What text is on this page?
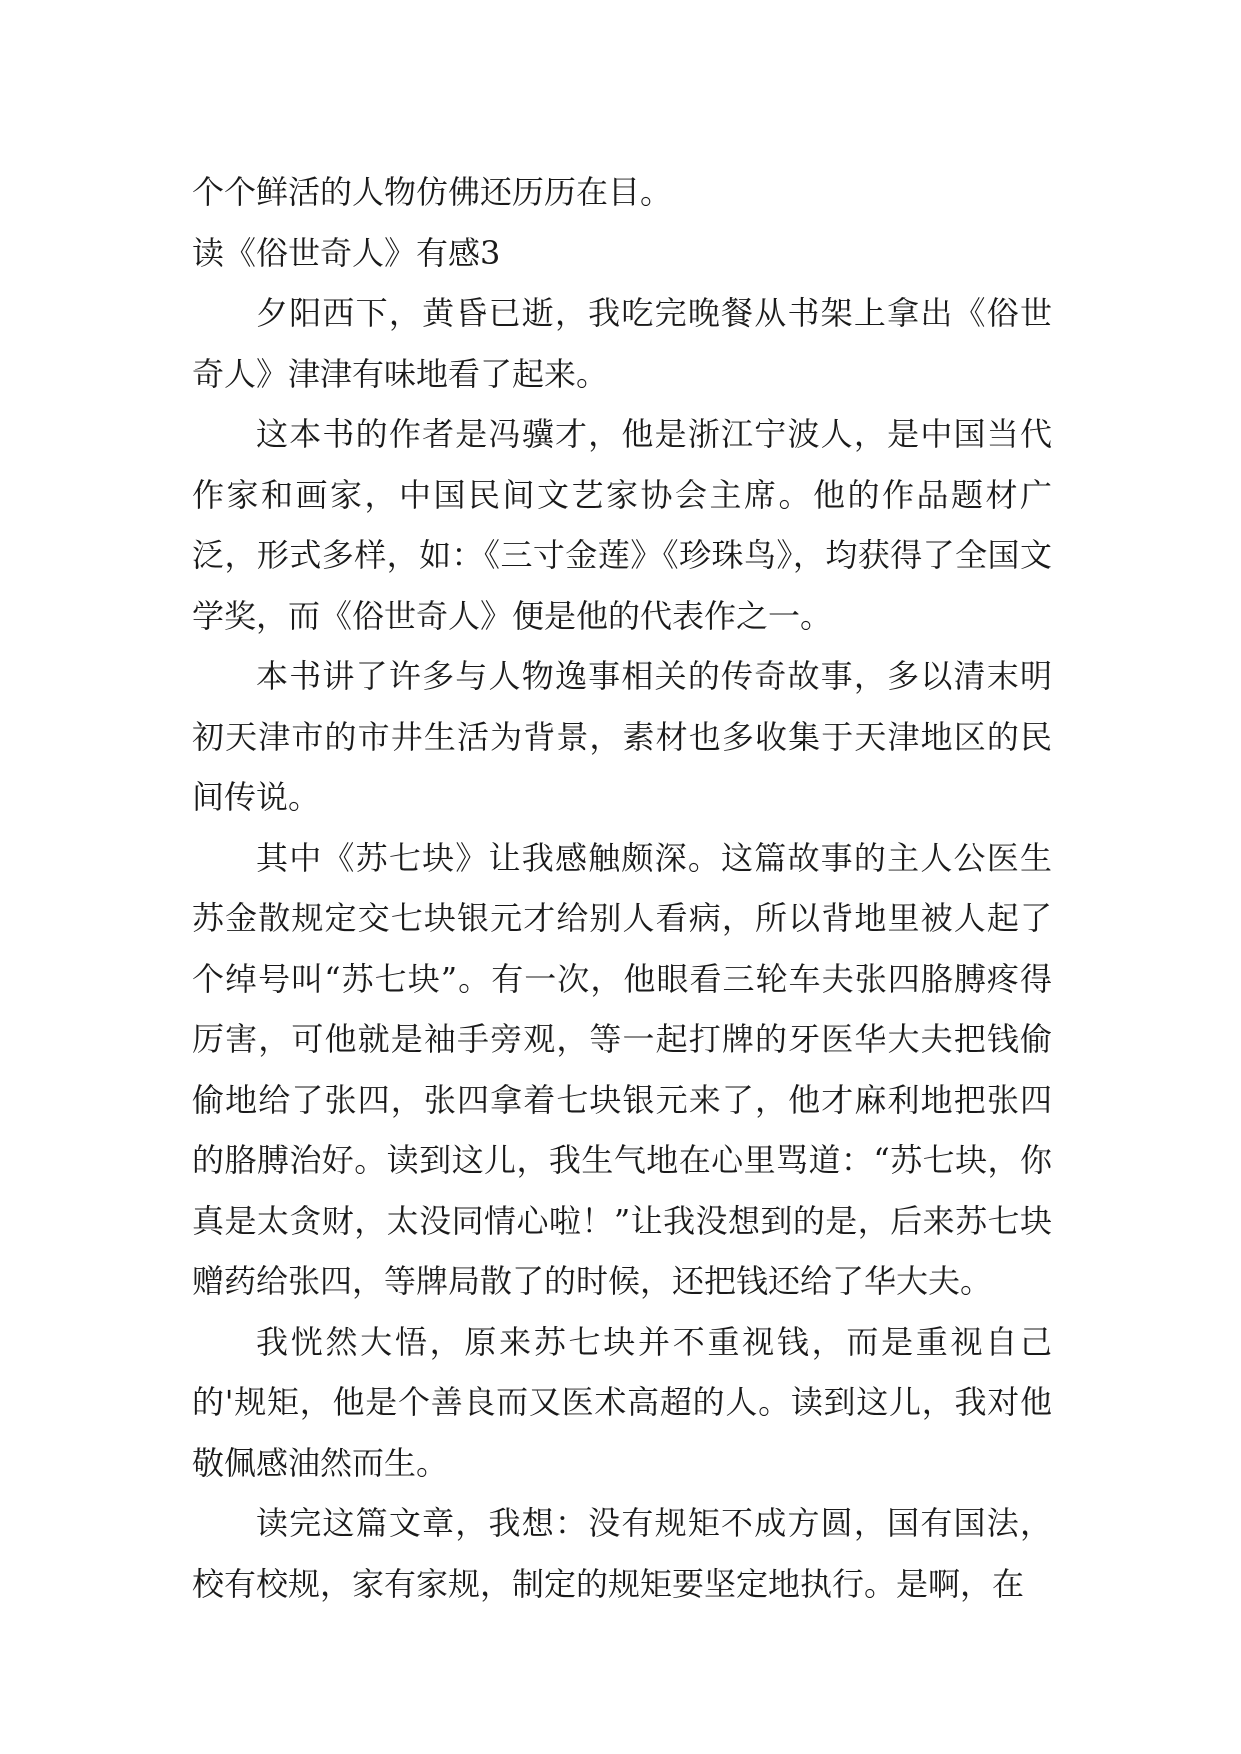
个个鲜活的人物仿佛还历历在目。

读《俗世奇人》有感3

夕阳西下，黄昏已逝，我吃完晚餐从书架上拿出《俗世奇人》津津有味地看了起来。

这本书的作者是冯骥才，他是浙江宁波人，是中国当代作家和画家，中国民间文艺家协会主席。他的作品题材广泛，形式多样，如：《三寸金莲》《珍珠鸟》，均获得了全国文学奖，而《俗世奇人》便是他的代表作之一。

本书讲了许多与人物逸事相关的传奇故事，多以清末明初天津市的市井生活为背景，素材也多收集于天津地区的民间传说。

其中《苏七块》让我感触颇深。这篇故事的主人公医生苏金散规定交七块银元才给别人看病，所以背地里被人起了个绰号叫“苏七块”。有一次，他眼看三轮车夫张四胳膊疼得厉害，可他就是袖手旁观，等一起打牌的牙医华大夫把钱偷偷地给了张四，张四拿着七块银元来了，他才麻利地把张四的胳膊治好。读到这儿，我生气地在心里骂道：“苏七块，你真是太贪财，太没同情心啦！”让我没想到的是，后来苏七块赠药给张四，等牌局散了的时候，还把钱还给了华大夫。

我恍然大悟，原来苏七块并不重视钱，而是重视自己的'规矩，他是个善良而又医术高超的人。读到这儿，我对他敬佩感油然而生。

读完这篇文章，我想：没有规矩不成方圆，国有国法，校有校规，家有家规，制定的规矩要坚定地执行。是啊，在
